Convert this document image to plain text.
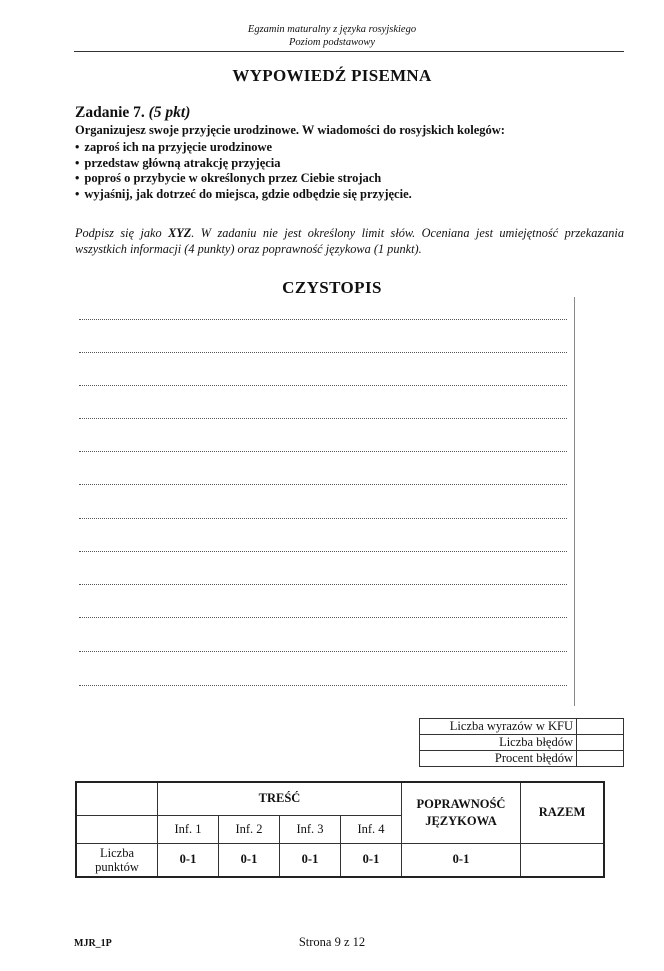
Egzamin maturalny z języka rosyjskiego
Poziom podstawowy
WYPOWIEDŹ PISEMNA
Zadanie 7. (5 pkt)
Organizujesz swoje przyjęcie urodzinowe. W wiadomości do rosyjskich kolegów:
• zaproś ich na przyjęcie urodzinowe
• przedstaw główną atrakcję przyjęcia
• poproś o przybycie w określonych przez Ciebie strojach
• wyjaśnij, jak dotrzeć do miejsca, gdzie odbędzie się przyjęcie.
Podpisz się jako XYZ. W zadaniu nie jest określony limit słów. Oceniana jest umiejętność przekazania wszystkich informacji (4 punkty) oraz poprawność językowa (1 punkt).
CZYSTOPIS
Liczba wyrazów w KFU	
Liczba błędów	
Procent błędów	
	TREŚĆ				POPRAWNOŚĆ JĘZYKOWA	RAZEM
	Inf. 1	Inf. 2	Inf. 3	Inf. 4		
Liczba punktów	0-1	0-1	0-1	0-1	0-1	
MJR_1P	Strona 9 z 12
